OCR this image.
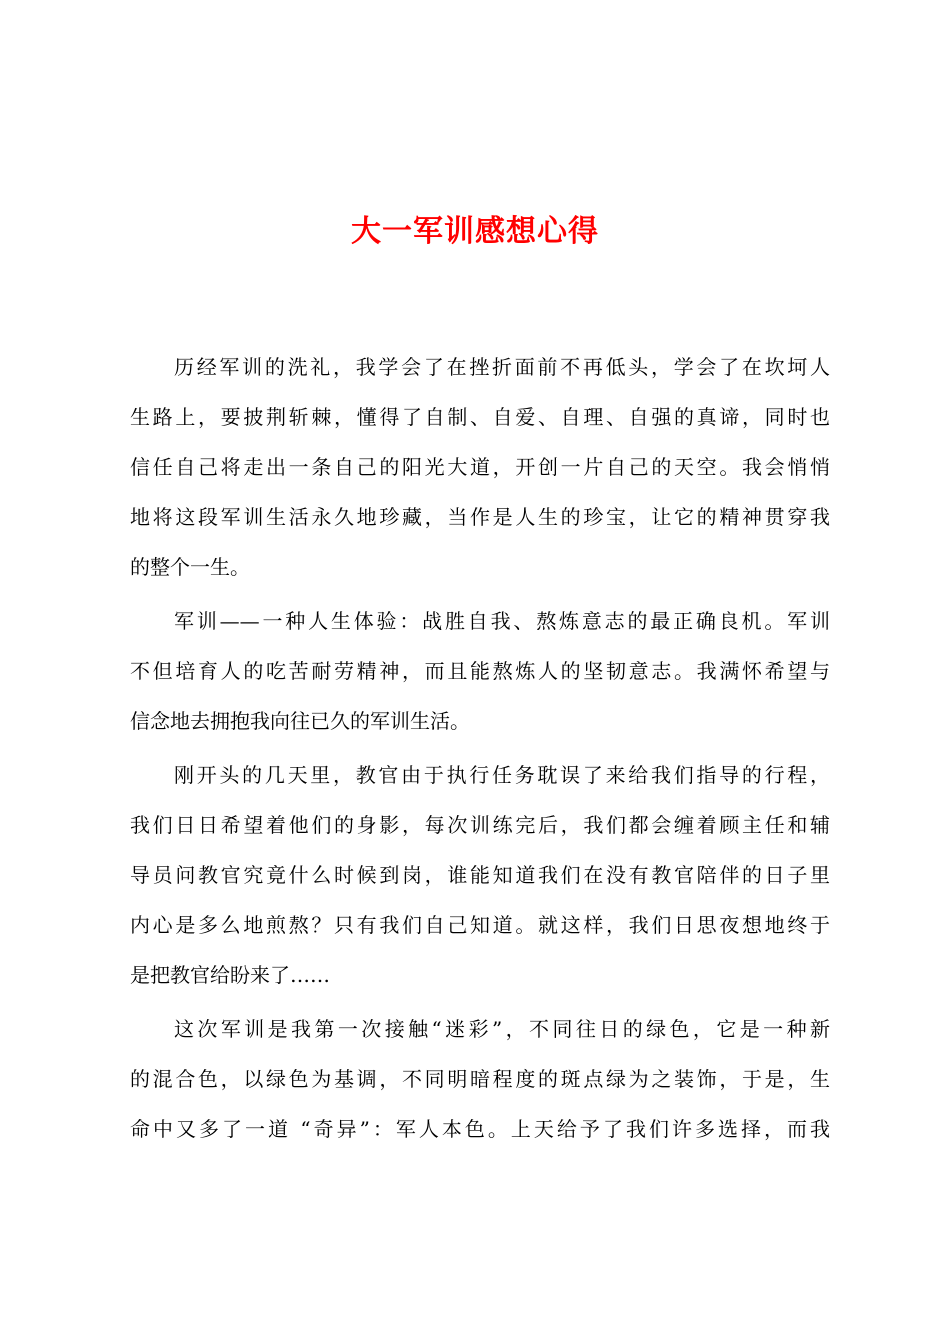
大一军训感想心得
历经军训的洗礼，我学会了在挫折面前不再低头，学会了在坎坷人
生路上，要披荆斩棘，懂得了自制、自爱、自理、自强的真谛，同时也
信任自己将走出一条自己的阳光大道，开创一片自己的天空。我会悄悄
地将这段军训生活永久地珍藏，当作是人生的珍宝，让它的精神贯穿我
的整个一生。
军训——一种人生体验：战胜自我、熬炼意志的最正确良机。军训
不但培育人的吃苦耐劳精神，而且能熬炼人的坚韧意志。我满怀希望与
信念地去拥抱我向往已久的军训生活。
刚开头的几天里，教官由于执行任务耽误了来给我们指导的行程，
我们日日希望着他们的身影，每次训练完后，我们都会缠着顾主任和辅
导员问教官究竟什么时候到岗，谁能知道我们在没有教官陪伴的日子里
内心是多么地煎熬？只有我们自己知道。就这样，我们日思夜想地终于
是把教官给盼来了……
这次军训是我第一次接触“迷彩”，不同往日的绿色，它是一种新
的混合色，以绿色为基调，不同明暗程度的斑点绿为之装饰，于是，生
命中又多了一道 “奇异”：军人本色。上天给予了我们许多选择，而我
